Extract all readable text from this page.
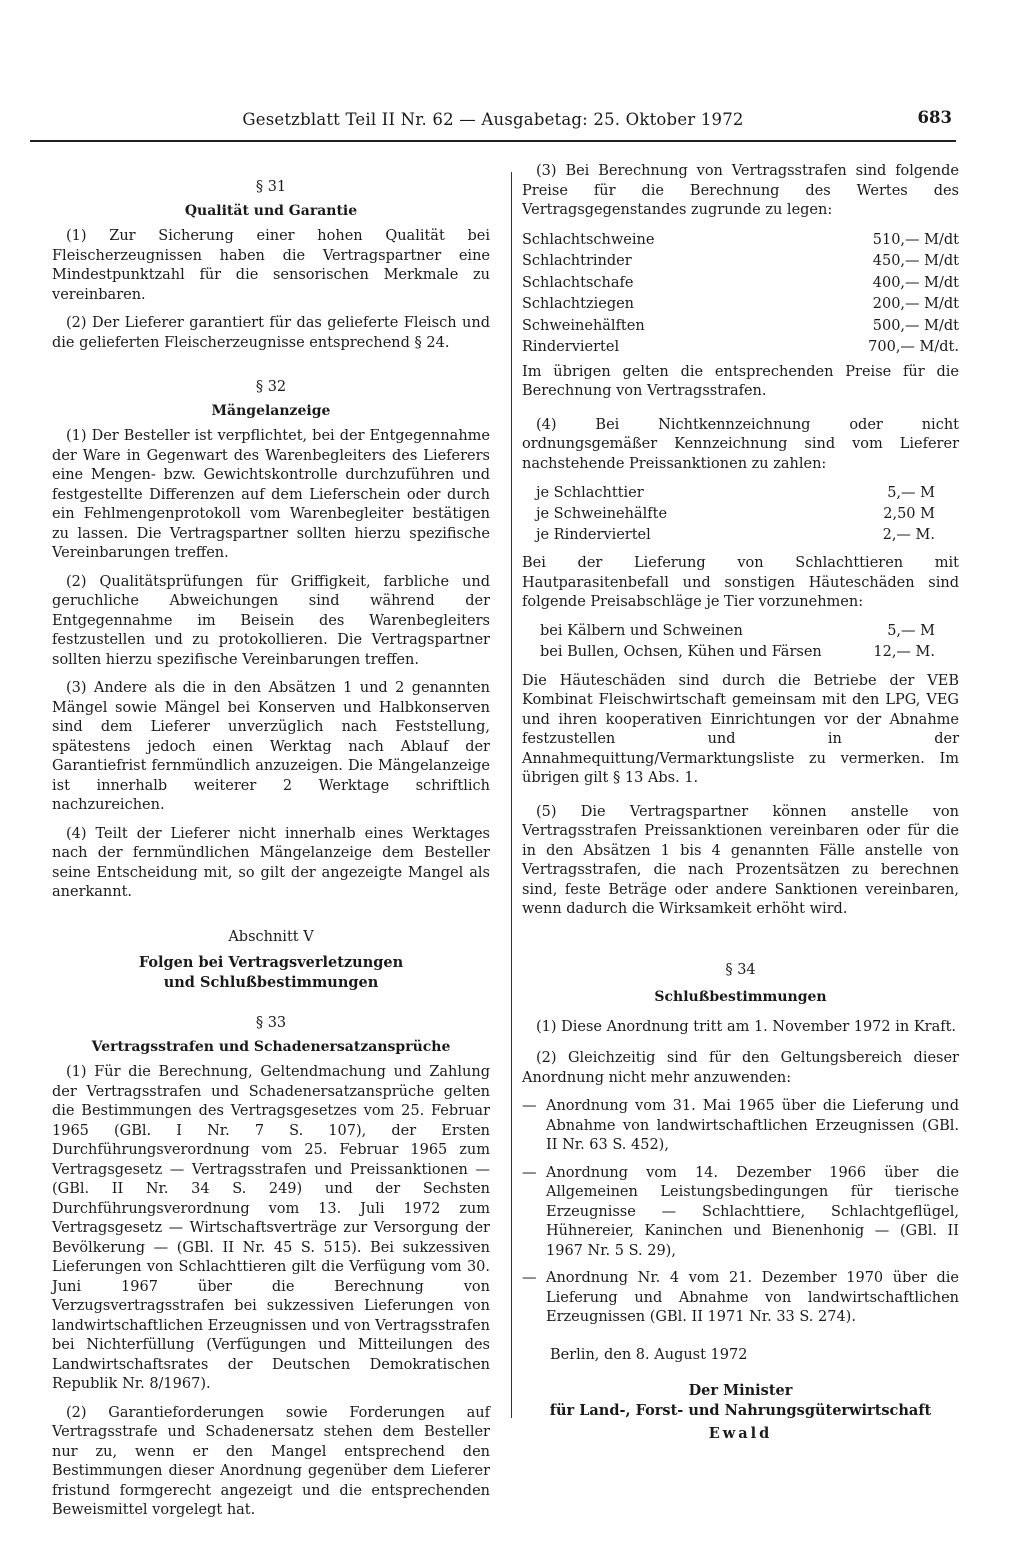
Gesetzblatt Teil II Nr. 62 — Ausgabetag: 25. Oktober 1972	683
§ 31
Qualität und Garantie

(1) Zur Sicherung einer hohen Qualität bei Fleischerzeugnissen haben die Vertragspartner eine Mindestpunktzahl für die sensorischen Merkmale zu vereinbaren.

(2) Der Lieferer garantiert für das gelieferte Fleisch und die gelieferten Fleischerzeugnisse entsprechend § 24.

§ 32
Mängelanzeige

(1) Der Besteller ist verpflichtet, bei der Entgegennahme der Ware in Gegenwart des Warenbegleiters des Lieferers eine Mengen- bzw. Gewichtskontrolle durchzuführen und festgestellte Differenzen auf dem Lieferschein oder durch ein Fehlmengenprotokoll vom Warenbegleiter bestätigen zu lassen. Die Vertragspartner sollten hierzu spezifische Vereinbarungen treffen.

(2) Qualitätsprüfungen für Griffigkeit, farbliche und geruchliche Abweichungen sind während der Entgegennahme im Beisein des Warenbegleiters festzustellen und zu protokollieren. Die Vertragspartner sollten hierzu spezifische Vereinbarungen treffen.

(3) Andere als die in den Absätzen 1 und 2 genannten Mängel sowie Mängel bei Konserven und Halbkonserven sind dem Lieferer unverzüglich nach Feststellung, spätestens jedoch einen Werktag nach Ablauf der Garantiefrist fernmündlich anzuzeigen. Die Mängelanzeige ist innerhalb weiterer 2 Werktage schriftlich nachzureichen.

(4) Teilt der Lieferer nicht innerhalb eines Werktages nach der fernmündlichen Mängelanzeige dem Besteller seine Entscheidung mit, so gilt der angezeigte Mangel als anerkannt.

Abschnitt V
Folgen bei Vertragsverletzungen
und Schlußbestimmungen
§ 33
Vertragsstrafen und Schadenersatzansprüche

(1) Für die Berechnung, Geltendmachung und Zahlung der Vertragsstrafen und Schadenersatzansprüche gelten die Bestimmungen des Vertragsgesetzes vom 25. Februar 1965 (GBl. I Nr. 7 S. 107), der Ersten Durchführungsverordnung vom 25. Februar 1965 zum Vertragsgesetz — Vertragsstrafen und Preissanktionen — (GBl. II Nr. 34 S. 249) und der Sechsten Durchführungsverordnung vom 13. Juli 1972 zum Vertragsgesetz — Wirtschaftsverträge zur Versorgung der Bevölkerung — (GBl. II Nr. 45 S. 515). Bei sukzessiven Lieferungen von Schlachttieren gilt die Verfügung vom 30. Juni 1967 über die Berechnung von Verzugsvertragsstrafen bei sukzessiven Lieferungen von landwirtschaftlichen Erzeugnissen und von Vertragsstrafen bei Nichterfüllung (Verfügungen und Mitteilungen des Landwirtschaftsrates der Deutschen Demokratischen Republik Nr. 8/1967).

(2) Garantieforderungen sowie Forderungen auf Vertragsstrafe und Schadenersatz stehen dem Besteller nur zu, wenn er den Mangel entsprechend den Bestimmungen dieser Anordnung gegenüber dem Lieferer fristund formgerecht angezeigt und die entsprechenden Beweismittel vorgelegt hat.

(3) Bei Berechnung von Vertragsstrafen sind folgende Preise für die Berechnung des Wertes des Vertragsgegenstandes zugrunde zu legen:

Schlachtschweine	510,— M/dt
Schlachtrinder	450,— M/dt
Schlachtschafe	400,— M/dt
Schlachtziegen	200,— M/dt
Schweinehälften	500,— M/dt
Rinderviertel	700,— M/dt.

Im übrigen gelten die entsprechenden Preise für die Berechnung von Vertragsstrafen.

(4) Bei Nichtkennzeichnung oder nicht ordnungsgemäßer Kennzeichnung sind vom Lieferer nachstehende Preissanktionen zu zahlen:

je Schlachttier	5,— M
je Schweinehälfte	2,50 M
je Rinderviertel	2,— M.

Bei der Lieferung von Schlachttieren mit Hautparasitenbefall und sonstigen Häuteschäden sind folgende Preisabschläge je Tier vorzunehmen:

bei Kälbern und Schweinen	5,— M
bei Bullen, Ochsen, Kühen und Färsen	12,— M.

Die Häuteschäden sind durch die Betriebe der VEB Kombinat Fleischwirtschaft gemeinsam mit den LPG, VEG und ihren kooperativen Einrichtungen vor der Abnahme festzustellen und in der Annahmequittung/Vermarktungsliste zu vermerken. Im übrigen gilt § 13 Abs. 1.

(5) Die Vertragspartner können anstelle von Vertragsstrafen Preissanktionen vereinbaren oder für die in den Absätzen 1 bis 4 genannten Fälle anstelle von Vertragsstrafen, die nach Prozentsätzen zu berechnen sind, feste Beträge oder andere Sanktionen vereinbaren, wenn dadurch die Wirksamkeit erhöht wird.

§ 34
Schlußbestimmungen

(1) Diese Anordnung tritt am 1. November 1972 in Kraft.

(2) Gleichzeitig sind für den Geltungsbereich dieser Anordnung nicht mehr anzuwenden:

— Anordnung vom 31. Mai 1965 über die Lieferung und Abnahme von landwirtschaftlichen Erzeugnissen (GBl. II Nr. 63 S. 452),
— Anordnung vom 14. Dezember 1966 über die Allgemeinen Leistungsbedingungen für tierische Erzeugnisse — Schlachttiere, Schlachtgeflügel, Hühnereier, Kaninchen und Bienenhonig — (GBl. II 1967 Nr. 5 S. 29),
— Anordnung Nr. 4 vom 21. Dezember 1970 über die Lieferung und Abnahme von landwirtschaftlichen Erzeugnissen (GBl. II 1971 Nr. 33 S. 274).
Berlin, den 8. August 1972
Der Minister
für Land-, Forst- und Nahrungsgüterwirtschaft
Ewald
